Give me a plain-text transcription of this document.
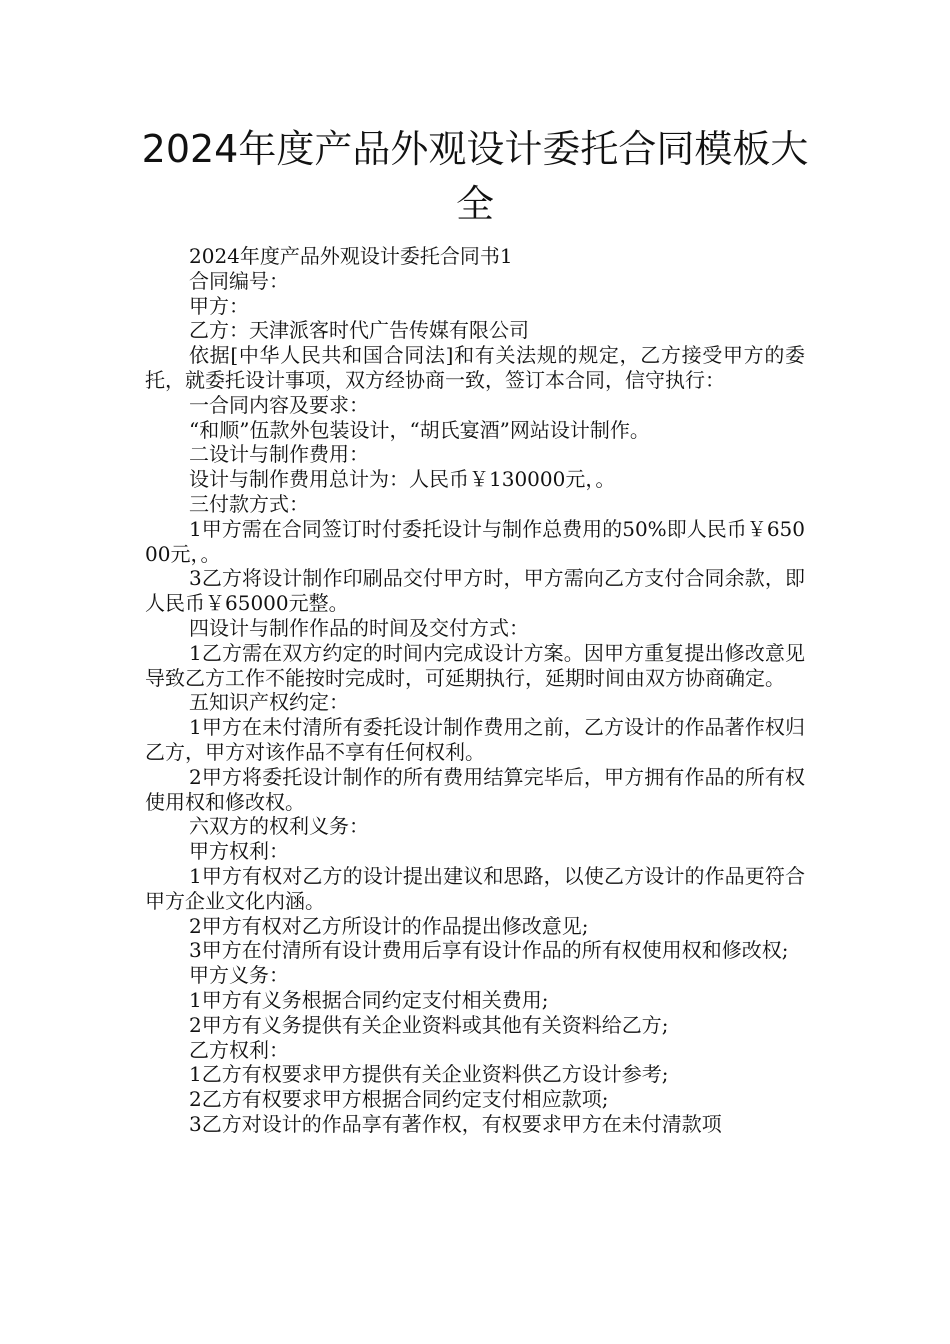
2024年度产品外观设计委托合同模板大全

2024年度产品外观设计委托合同书1

合同编号：

甲方：

乙方：天津派客时代广告传媒有限公司

依据[中华人民共和国合同法]和有关法规的规定，乙方接受甲方的委托，就委托设计事项，双方经协商一致，签订本合同，信守执行：

一合同内容及要求：

“和顺”伍款外包装设计，“胡氏宴酒”网站设计制作。

二设计与制作费用：

设计与制作费用总计为：人民币￥130000元，。

三付款方式：

1甲方需在合同签订时付委托设计与制作总费用的50%即人民币￥65000元，。

3乙方将设计制作印刷品交付甲方时，甲方需向乙方支付合同余款，即人民币￥65000元整。

四设计与制作作品的时间及交付方式：

1乙方需在双方约定的时间内完成设计方案。因甲方重复提出修改意见导致乙方工作不能按时完成时，可延期执行，延期时间由双方协商确定。

五知识产权约定：

1甲方在未付清所有委托设计制作费用之前，乙方设计的作品著作权归乙方，甲方对该作品不享有任何权利。

2甲方将委托设计制作的所有费用结算完毕后，甲方拥有作品的所有权使用权和修改权。

六双方的权利义务：

甲方权利：

1甲方有权对乙方的设计提出建议和思路，以使乙方设计的作品更符合甲方企业文化内涵。

2甲方有权对乙方所设计的作品提出修改意见;

3甲方在付清所有设计费用后享有设计作品的所有权使用权和修改权;

甲方义务：

1甲方有义务根据合同约定支付相关费用;

2甲方有义务提供有关企业资料或其他有关资料给乙方;

乙方权利：

1乙方有权要求甲方提供有关企业资料供乙方设计参考;

2乙方有权要求甲方根据合同约定支付相应款项;

3乙方对设计的作品享有著作权，有权要求甲方在未付清款项
